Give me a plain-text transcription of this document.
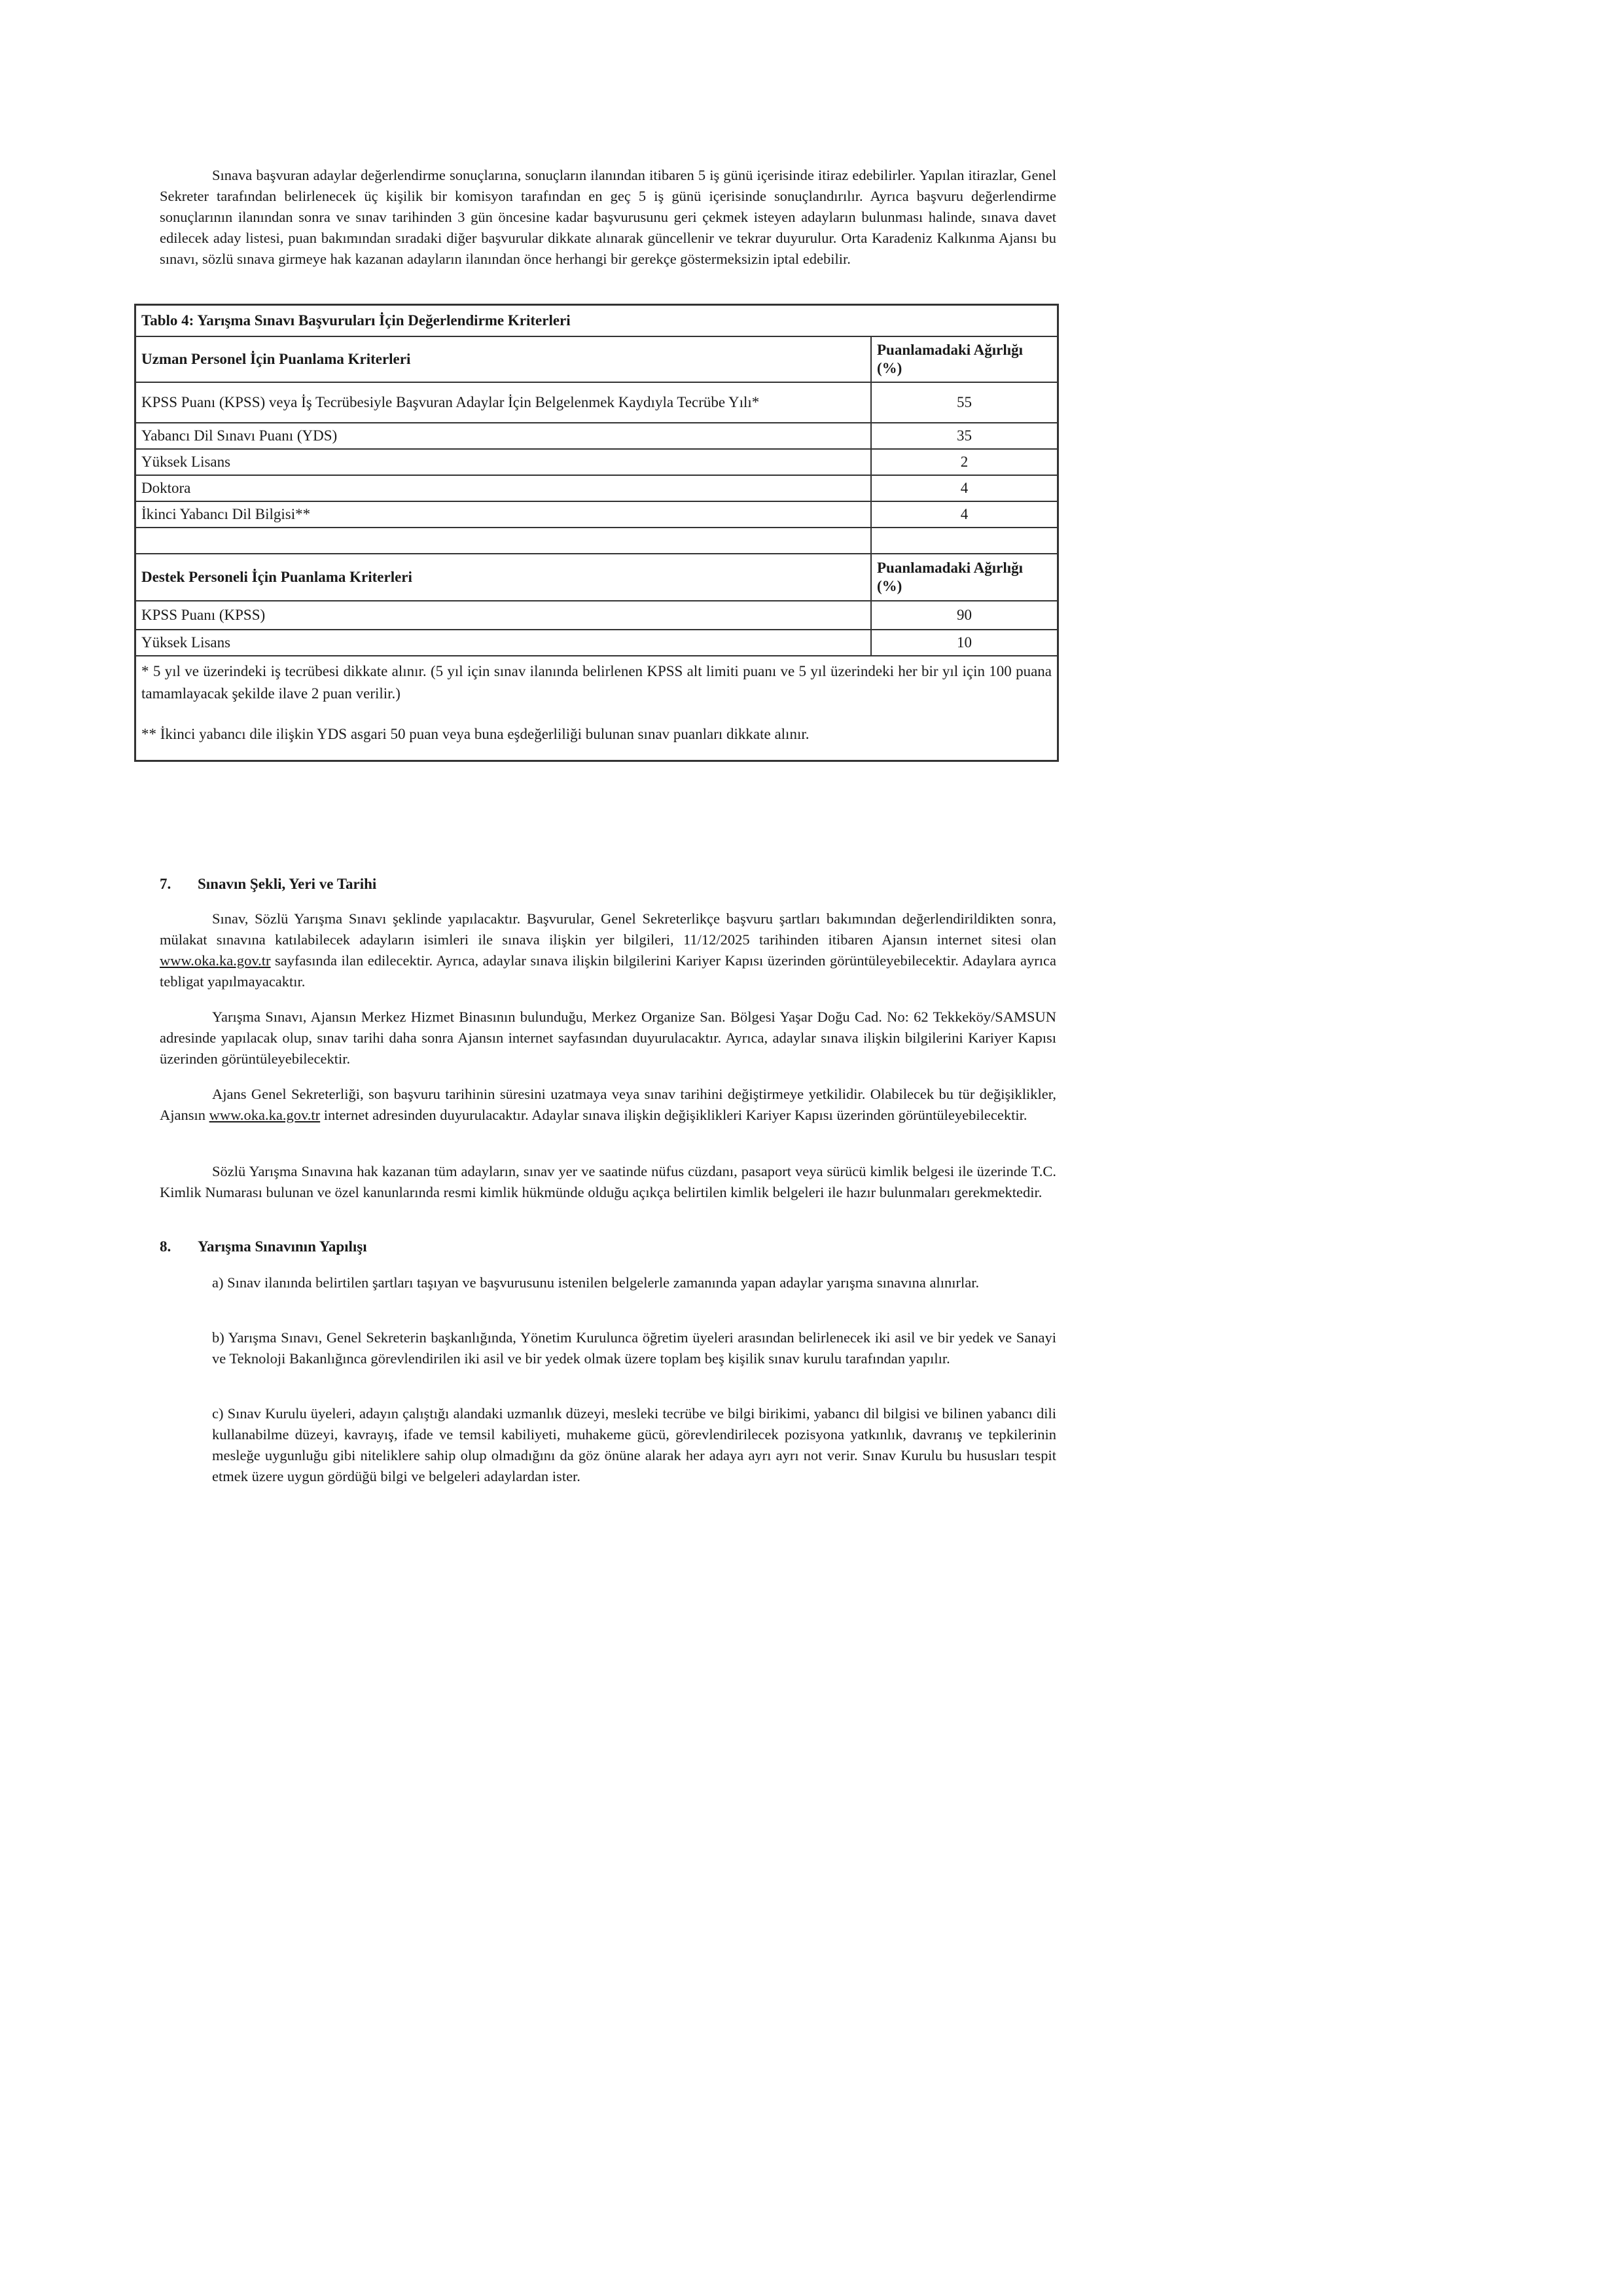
Sınava başvuran adaylar değerlendirme sonuçlarına, sonuçların ilanından itibaren 5 iş günü içerisinde itiraz edebilirler. Yapılan itirazlar, Genel Sekreter tarafından belirlenecek üç kişilik bir komisyon tarafından en geç 5 iş günü içerisinde sonuçlandırılır. Ayrıca başvuru değerlendirme sonuçlarının ilanından sonra ve sınav tarihinden 3 gün öncesine kadar başvurusunu geri çekmek isteyen adayların bulunması halinde, sınava davet edilecek aday listesi, puan bakımından sıradaki diğer başvurular dikkate alınarak güncellenir ve tekrar duyurulur. Orta Karadeniz Kalkınma Ajansı bu sınavı, sözlü sınava girmeye hak kazanan adayların ilanından önce herhangi bir gerekçe göstermeksizin iptal edebilir.

Tablo 4: Yarışma Sınavı Başvuruları İçin Değerlendirme Kriterleri	
Uzman Personel İçin Puanlama Kriterleri	Puanlamadaki Ağırlığı (%)
KPSS Puanı (KPSS) veya İş Tecrübesiyle Başvuran Adaylar İçin Belgelenmek Kaydıyla Tecrübe Yılı*	55
Yabancı Dil Sınavı Puanı (YDS)	35
Yüksek Lisans	2
Doktora	4
İkinci Yabancı Dil Bilgisi**	4

Destek Personeli İçin Puanlama Kriterleri	Puanlamadaki Ağırlığı (%)
KPSS Puanı (KPSS)	90
Yüksek Lisans	10

* 5 yıl ve üzerindeki iş tecrübesi dikkate alınır. (5 yıl için sınav ilanında belirlenen KPSS alt limiti puanı ve 5 yıl üzerindeki her bir yıl için 100 puana tamamlayacak şekilde ilave 2 puan verilir.)
** İkinci yabancı dile ilişkin YDS asgari 50 puan veya buna eşdeğerliliği bulunan sınav puanları dikkate alınır.	

7. Sınavın Şekli, Yeri ve Tarihi

Sınav, Sözlü Yarışma Sınavı şeklinde yapılacaktır. Başvurular, Genel Sekreterlikçe başvuru şartları bakımından değerlendirildikten sonra, mülakat sınavına katılabilecek adayların isimleri ile sınava ilişkin yer bilgileri, 11/12/2025 tarihinden itibaren Ajansın internet sitesi olan www.oka.ka.gov.tr sayfasında ilan edilecektir. Ayrıca, adaylar sınava ilişkin bilgilerini Kariyer Kapısı üzerinden görüntüleyebilecektir. Adaylara ayrıca tebligat yapılmayacaktır.

Yarışma Sınavı, Ajansın Merkez Hizmet Binasının bulunduğu, Merkez Organize San. Bölgesi Yaşar Doğu Cad. No: 62 Tekkeköy/SAMSUN adresinde yapılacak olup, sınav tarihi daha sonra Ajansın internet sayfasından duyurulacaktır. Ayrıca, adaylar sınava ilişkin bilgilerini Kariyer Kapısı üzerinden görüntüleyebilecektir.

Ajans Genel Sekreterliği, son başvuru tarihinin süresini uzatmaya veya sınav tarihini değiştirmeye yetkilidir. Olabilecek bu tür değişiklikler, Ajansın www.oka.ka.gov.tr internet adresinden duyurulacaktır. Adaylar sınava ilişkin değişiklikleri Kariyer Kapısı üzerinden görüntüleyebilecektir.

Sözlü Yarışma Sınavına hak kazanan tüm adayların, sınav yer ve saatinde nüfus cüzdanı, pasaport veya sürücü kimlik belgesi ile üzerinde T.C. Kimlik Numarası bulunan ve özel kanunlarında resmi kimlik hükmünde olduğu açıkça belirtilen kimlik belgeleri ile hazır bulunmaları gerekmektedir.

8. Yarışma Sınavının Yapılışı

a) Sınav ilanında belirtilen şartları taşıyan ve başvurusunu istenilen belgelerle zamanında yapan adaylar yarışma sınavına alınırlar.

b) Yarışma Sınavı, Genel Sekreterin başkanlığında, Yönetim Kurulunca öğretim üyeleri arasından belirlenecek iki asil ve bir yedek ve Sanayi ve Teknoloji Bakanlığınca görevlendirilen iki asil ve bir yedek olmak üzere toplam beş kişilik sınav kurulu tarafından yapılır.

c) Sınav Kurulu üyeleri, adayın çalıştığı alandaki uzmanlık düzeyi, mesleki tecrübe ve bilgi birikimi, yabancı dil bilgisi ve bilinen yabancı dili kullanabilme düzeyi, kavrayış, ifade ve temsil kabiliyeti, muhakeme gücü, görevlendirilecek pozisyona yatkınlık, davranış ve tepkilerinin mesleğe uygunluğu gibi niteliklere sahip olup olmadığını da göz önüne alarak her adaya ayrı ayrı not verir. Sınav Kurulu bu hususları tespit etmek üzere uygun gördüğü bilgi ve belgeleri adaylardan ister.
